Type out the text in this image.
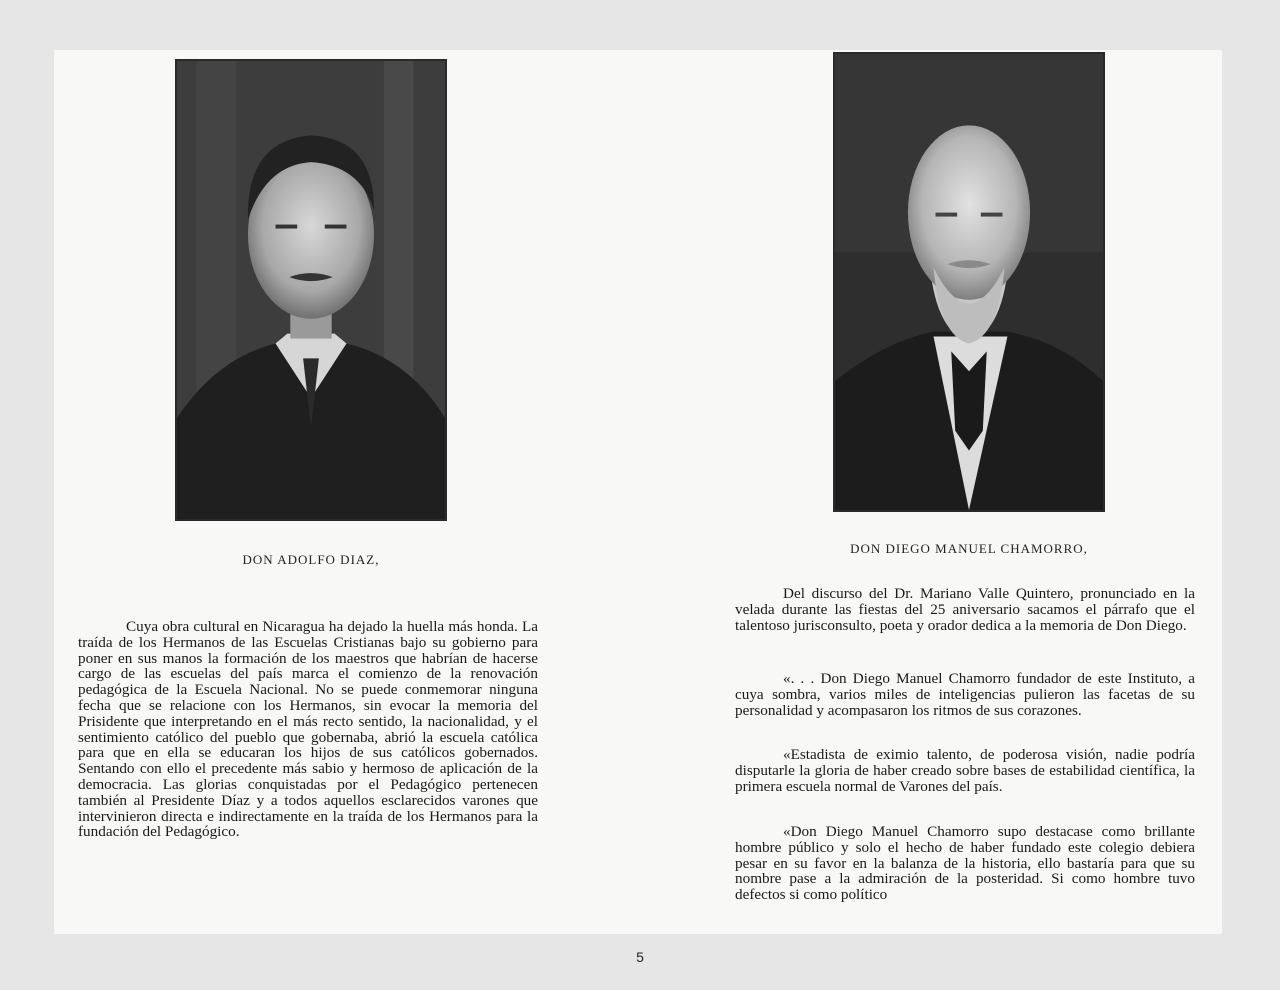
DON ADOLFO DIAZ,

Cuya obra cultural en Nicaragua ha dejado la huella más honda. La traída de los Hermanos de las Escuelas Cristianas bajo su gobierno para poner en sus manos la formación de los maestros que habrían de hacerse cargo de las escuelas del país marca el comienzo de la renovación pedagógica de la Escuela Nacional. No se puede conmemorar ninguna fecha que se relacione con los Hermanos, sin evocar la memoria del Prisidente que interpretando en el más recto sentido, la nacionalidad, y el sentimiento católico del pueblo que gobernaba, abrió la escuela católica para que en ella se educaran los hijos de sus católicos gobernados. Sentando con ello el precedente más sabio y hermoso de aplicación de la democracia. Las glorias conquistadas por el Pedagógico pertenecen también al Presidente Díaz y a todos aquellos esclarecidos varones que intervinieron directa e indirectamente en la traída de los Hermanos para la fundación del Pedagógico.

DON DIEGO MANUEL CHAMORRO,

Del discurso del Dr. Mariano Valle Quintero, pronunciado en la velada durante las fiestas del 25 aniversario sacamos el párrafo que el talentoso jurisconsulto, poeta y orador dedica a la memoria de Don Diego.

«. . . Don Diego Manuel Chamorro fundador de este Instituto, a cuya sombra, varios miles de inteligencias pulieron las facetas de su personalidad y acompasaron los ritmos de sus corazones.

«Estadista de eximio talento, de poderosa visión, nadie podría disputarle la gloria de haber creado sobre bases de estabilidad científica, la primera escuela normal de Varones del país.

«Don Diego Manuel Chamorro supo destacase como brillante hombre público y solo el hecho de haber fundado este colegio debiera pesar en su favor en la balanza de la historia, ello bastaría para que su nombre pase a la admiración de la posteridad. Si como hombre tuvo defectos si como político

5
